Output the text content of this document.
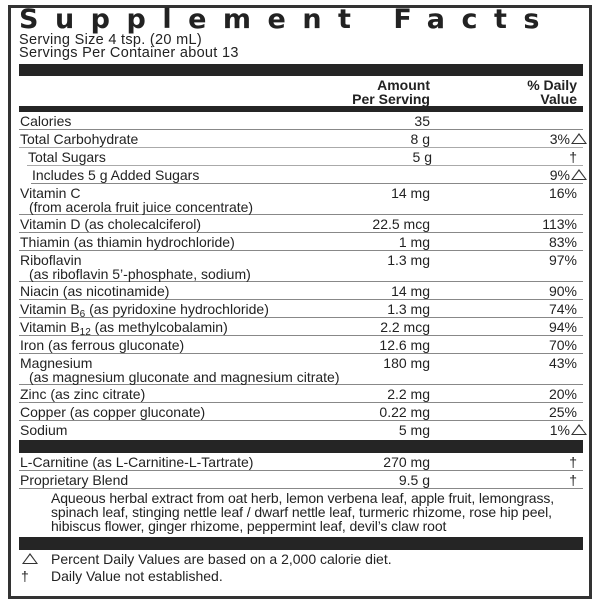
Supplement Facts
Serving Size 4 tsp. (20 mL)
Servings Per Container about 13
Amount
Per Serving
% Daily
Value
Calories	35
Total Carbohydrate	8 g	3%
Total Sugars	5 g	†
Includes 5 g Added Sugars	9%
Vitamin C
(from acerola fruit juice concentrate)
14 mg	16%
Vitamin D (as cholecalciferol)	22.5 mcg	113%
Thiamin (as thiamin hydrochloride)	1 mg	83%
Riboflavin
(as riboflavin 5’-phosphate, sodium)
1.3 mg	97%
Niacin (as nicotinamide)	14 mg	90%
Vitamin $B_6$ (as pyridoxine hydrochloride)	1.3 mg	74%
Vitamin $B_{12}$ (as methylcobalamin)	2.2 mcg	94%
Iron (as ferrous gluconate)	12.6 mg	70%
Magnesium
(as magnesium gluconate and magnesium citrate)
180 mg	43%
Zinc (as zinc citrate)	2.2 mg	20%
Copper (as copper gluconate)	0.22 mg	25%
Sodium	5 mg	1%
L-Carnitine (as L-Carnitine-L-Tartrate)	270 mg	†
Proprietary Blend	9.5 g	†
Aqueous herbal extract from oat herb, lemon verbena leaf, apple fruit, lemongrass, spinach leaf, stinging nettle leaf / dwarf nettle leaf, turmeric rhizome, rose hip peel, hibiscus flower, ginger rhizome, peppermint leaf, devil’s claw root
Percent Daily Values are based on a 2,000 calorie diet.
† Daily Value not established.
